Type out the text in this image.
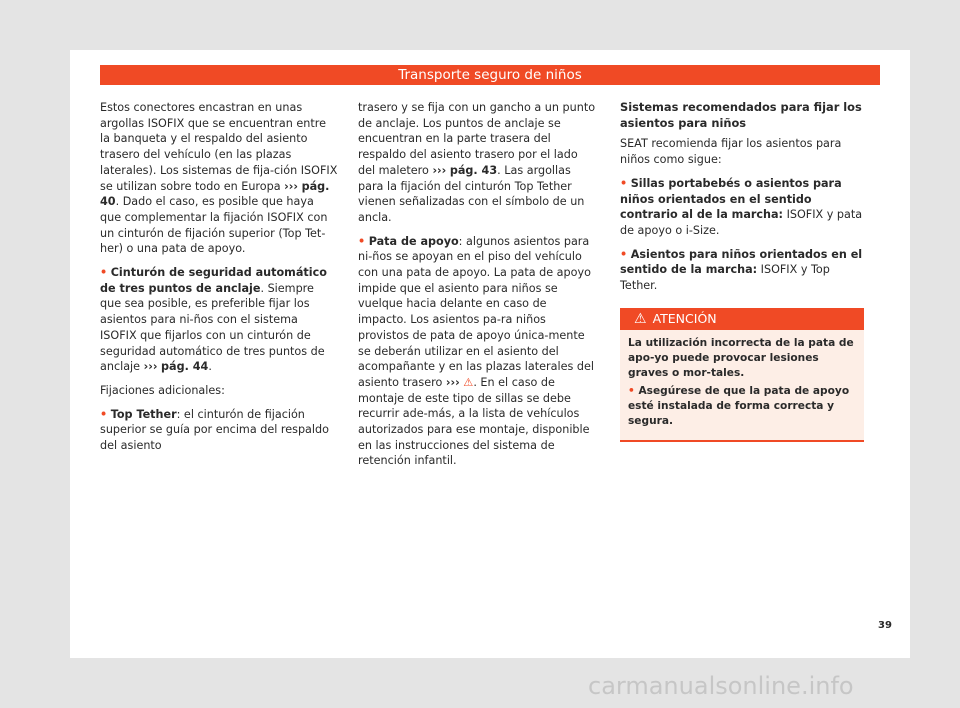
Transporte seguro de niños

Estos conectores encastran en unas argollas ISOFIX que se encuentran entre la banqueta y el respaldo del asiento trasero del vehículo (en las plazas laterales). Los sistemas de fija-ción ISOFIX se utilizan sobre todo en Europa ››› pág. 40. Dado el caso, es posible que haya que complementar la fijación ISOFIX con un cinturón de fijación superior (Top Tet-her) o una pata de apoyo.

• Cinturón de seguridad automático de tres puntos de anclaje. Siempre que sea posible, es preferible fijar los asientos para ni-ños con el sistema ISOFIX que fijarlos con un cinturón de seguridad automático de tres puntos de anclaje ››› pág. 44.

Fijaciones adicionales:

• Top Tether: el cinturón de fijación superior se guía por encima del respaldo del asiento

trasero y se fija con un gancho a un punto de anclaje. Los puntos de anclaje se encuentran en la parte trasera del respaldo del asiento trasero por el lado del maletero ››› pág. 43. Las argollas para la fijación del cinturón Top Tether vienen señalizadas con el símbolo de un ancla.

• Pata de apoyo: algunos asientos para ni-ños se apoyan en el piso del vehículo con una pata de apoyo. La pata de apoyo impide que el asiento para niños se vuelque hacia delante en caso de impacto. Los asientos pa-ra niños provistos de pata de apoyo única-mente se deberán utilizar en el asiento del acompañante y en las plazas laterales del asiento trasero ››› ⚠. En el caso de montaje de este tipo de sillas se debe recurrir ade-más, a la lista de vehículos autorizados para ese montaje, disponible en las instrucciones del sistema de retención infantil.

Sistemas recomendados para fijar los asientos para niños

SEAT recomienda fijar los asientos para niños como sigue:

• Sillas portabebés o asientos para niños orientados en el sentido contrario al de la marcha: ISOFIX y pata de apoyo o i-Size.

• Asientos para niños orientados en el sentido de la marcha: ISOFIX y Top Tether.

⚠ ATENCIÓN

La utilización incorrecta de la pata de apo-yo puede provocar lesiones graves o mor-tales.

• Asegúrese de que la pata de apoyo esté instalada de forma correcta y segura.

39
carmanualsonline.info
